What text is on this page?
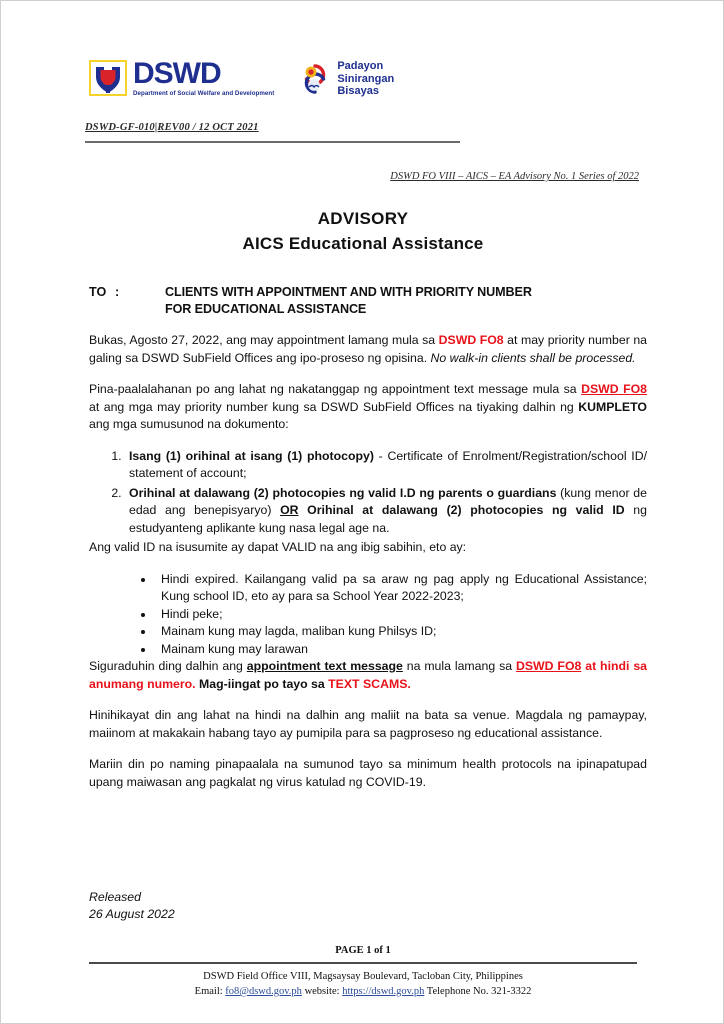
DSWD
Department of Social Welfare and Development
Padayon
Sinirangan
Bisayas
DSWD-GF-010|REV00 / 12 OCT 2021
DSWD FO VIII – AICS – EA Advisory No. 1 Series of 2022
ADVISORY
AICS Educational Assistance
TO :	CLIENTS WITH APPOINTMENT AND WITH PRIORITY NUMBER
FOR EDUCATIONAL ASSISTANCE

Bukas, Agosto 27, 2022, ang may appointment lamang mula sa DSWD FO8 at may priority number na galing sa DSWD SubField Offices ang ipo-proseso ng opisina. No walk-in clients shall be processed.

Pina-paalalahanan po ang lahat ng nakatanggap ng appointment text message mula sa DSWD FO8 at ang mga may priority number kung sa DSWD SubField Offices na tiyaking dalhin ng KUMPLETO ang mga sumusunod na dokumento:

1. Isang (1) orihinal at isang (1) photocopy) - Certificate of Enrolment/Registration/school ID/ statement of account;
2. Orihinal at dalawang (2) photocopies ng valid I.D ng parents o guardians (kung menor de edad ang benepisyaryo) OR Orihinal at dalawang (2) photocopies ng valid ID ng estudyanteng aplikante kung nasa legal age na.

Ang valid ID na isusumite ay dapat VALID na ang ibig sabihin, eto ay:

• Hindi expired. Kailangang valid pa sa araw ng pag apply ng Educational Assistance; Kung school ID, eto ay para sa School Year 2022-2023;
• Hindi peke;
• Mainam kung may lagda, maliban kung Philsys ID;
• Mainam kung may larawan

Siguraduhin ding dalhin ang appointment text message na mula lamang sa DSWD FO8 at hindi sa anumang numero. Mag-iingat po tayo sa TEXT SCAMS.

Hinihikayat din ang lahat na hindi na dalhin ang maliit na bata sa venue. Magdala ng pamaypay, maiinom at makakain habang tayo ay pumipila para sa pagproseso ng educational assistance.

Mariin din po naming pinapaalala na sumunod tayo sa minimum health protocols na ipinapatupad upang maiwasan ang pagkalat ng virus katulad ng COVID-19.

Released
26 August 2022
PAGE 1 of 1
DSWD Field Office VIII, Magsaysay Boulevard, Tacloban City, Philippines
Email: fo8@dswd.gov.ph website: https://dswd.gov.ph Telephone No. 321-3322
